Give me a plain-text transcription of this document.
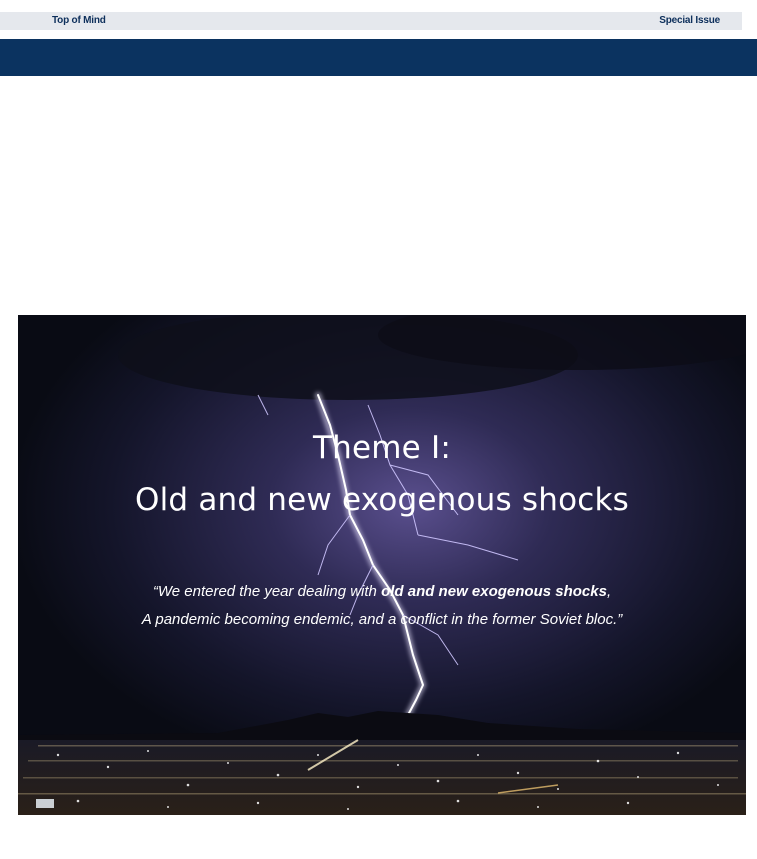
Top of Mind	Special Issue
Theme I:
Old and new exogenous shocks
“We entered the year dealing with old and new exogenous shocks,
A pandemic becoming endemic, and a conflict in the former Soviet bloc.”
